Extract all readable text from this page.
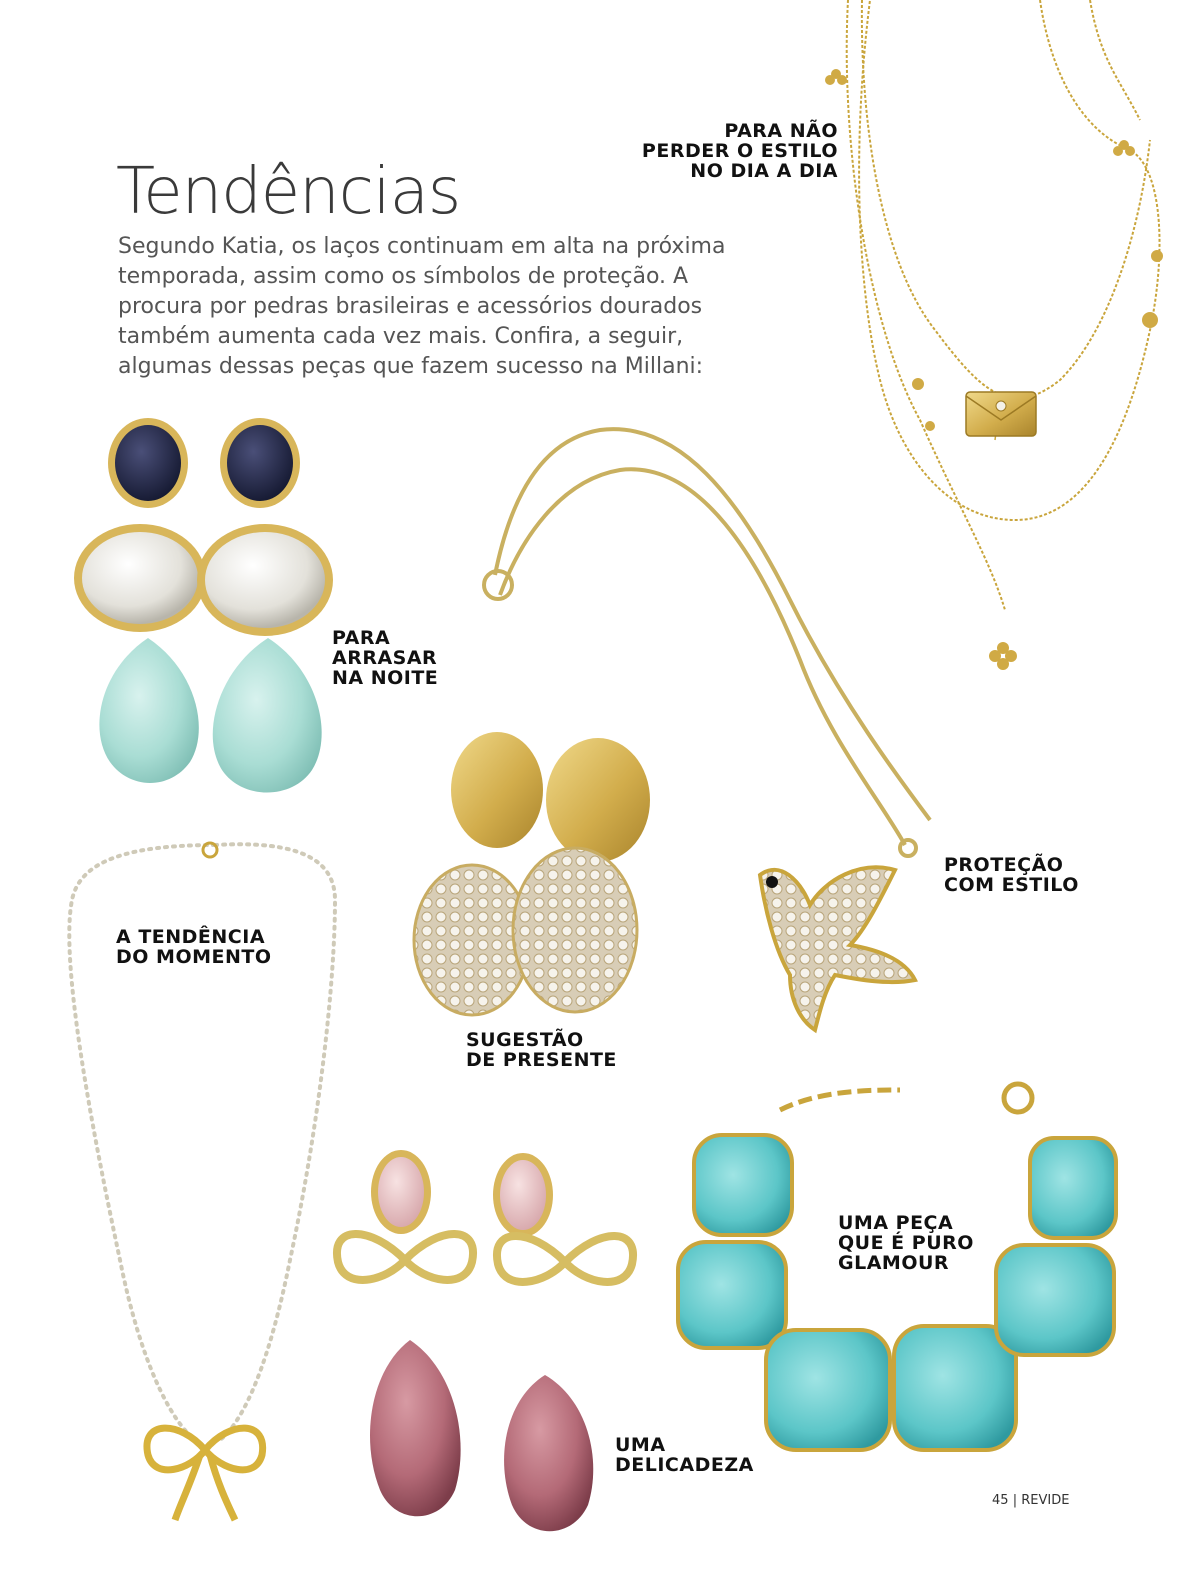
Tendências
Segundo Katia, os laços continuam em alta na próxima temporada, assim como os símbolos de proteção. A procura por pedras brasileiras e acessórios dourados também aumenta cada vez mais. Confira, a seguir, algumas dessas peças que fazem sucesso na Millani:
PARA NÃO
PERDER O ESTILO
NO DIA A DIA
PARA
ARRASAR
NA NOITE
PROTEÇÃO
COM ESTILO
A TENDÊNCIA
DO MOMENTO
SUGESTÃO
DE PRESENTE
UMA PEÇA
QUE É PURO
GLAMOUR
UMA
DELICADEZA
45 | REVIDE
